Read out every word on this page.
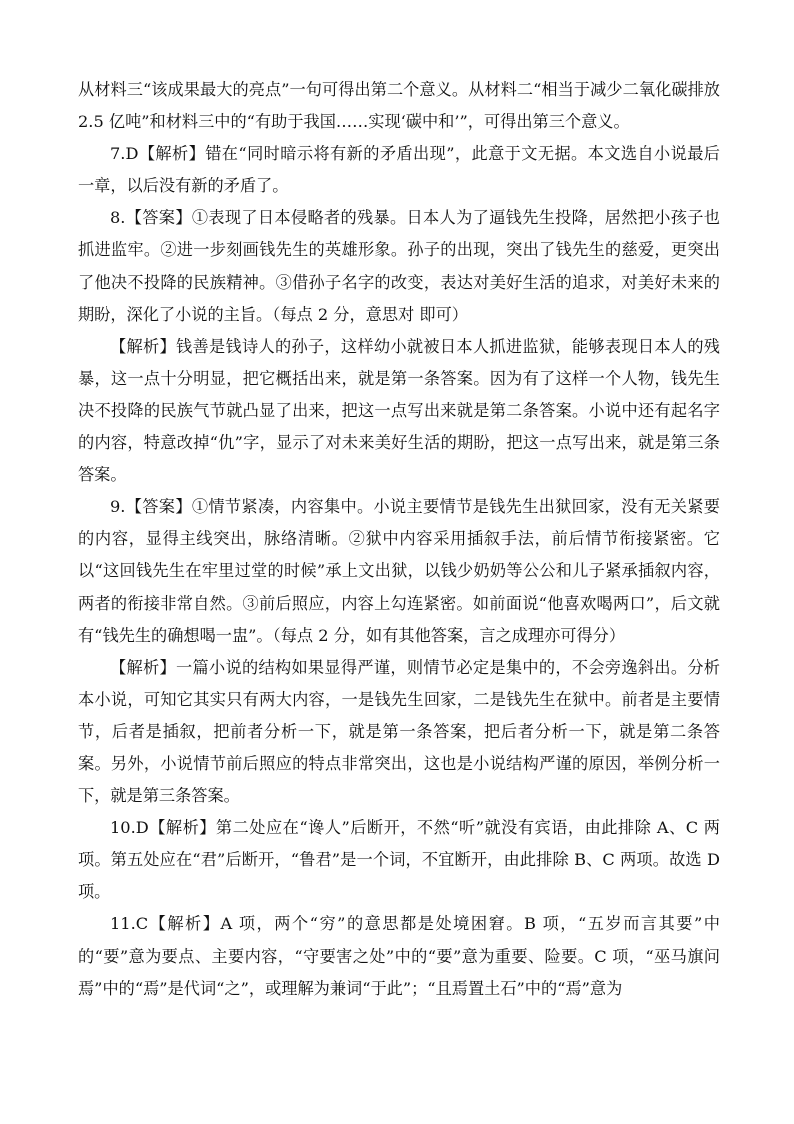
从材料三“该成果最大的亮点”一句可得出第二个意义。从材料二“相当于减少二氧化碳排放 2.5 亿吨”和材料三中的“有助于我国……实现‘碳中和’”，可得出第三个意义。

7.D【解析】错在“同时暗示将有新的矛盾出现”，此意于文无据。本文选自小说最后一章，以后没有新的矛盾了。

8.【答案】①表现了日本侵略者的残暴。日本人为了逼钱先生投降，居然把小孩子也抓进监牢。②进一步刻画钱先生的英雄形象。孙子的出现，突出了钱先生的慈爱，更突出了他决不投降的民族精神。③借孙子名字的改变，表达对美好生活的追求，对美好未来的期盼，深化了小说的主旨。（每点 2 分，意思对 即可）

【解析】钱善是钱诗人的孙子，这样幼小就被日本人抓进监狱，能够表现日本人的残暴，这一点十分明显，把它概括出来，就是第一条答案。因为有了这样一个人物，钱先生决不投降的民族气节就凸显了出来，把这一点写出来就是第二条答案。小说中还有起名字的内容，特意改掉“仇”字，显示了对未来美好生活的期盼，把这一点写出来，就是第三条答案。

9.【答案】①情节紧凑，内容集中。小说主要情节是钱先生出狱回家，没有无关紧要的内容，显得主线突出，脉络清晰。②狱中内容采用插叙手法，前后情节衔接紧密。它以“这回钱先生在牢里过堂的时候”承上文出狱，以钱少奶奶等公公和儿子紧承插叙内容，两者的衔接非常自然。③前后照应，内容上勾连紧密。如前面说“他喜欢喝两口”，后文就有“钱先生的确想喝一盅”。（每点 2 分，如有其他答案，言之成理亦可得分）

【解析】一篇小说的结构如果显得严谨，则情节必定是集中的，不会旁逸斜出。分析本小说，可知它其实只有两大内容，一是钱先生回家，二是钱先生在狱中。前者是主要情节，后者是插叙，把前者分析一下，就是第一条答案，把后者分析一下，就是第二条答案。另外，小说情节前后照应的特点非常突出，这也是小说结构严谨的原因，举例分析一下，就是第三条答案。

10.D【解析】第二处应在“谗人”后断开，不然“听”就没有宾语，由此排除 A、C 两项。第五处应在“君”后断开，“鲁君”是一个词，不宜断开，由此排除 B、C 两项。故选 D 项。

11.C【解析】A 项，两个“穷”的意思都是处境困窘。B 项，“五岁而言其要”中的“要”意为要点、主要内容，“守要害之处”中的“要”意为重要、险要。C 项，“巫马旗问焉”中的“焉”是代词“之”，或理解为兼词“于此”；“且焉置土石”中的“焉”意为
